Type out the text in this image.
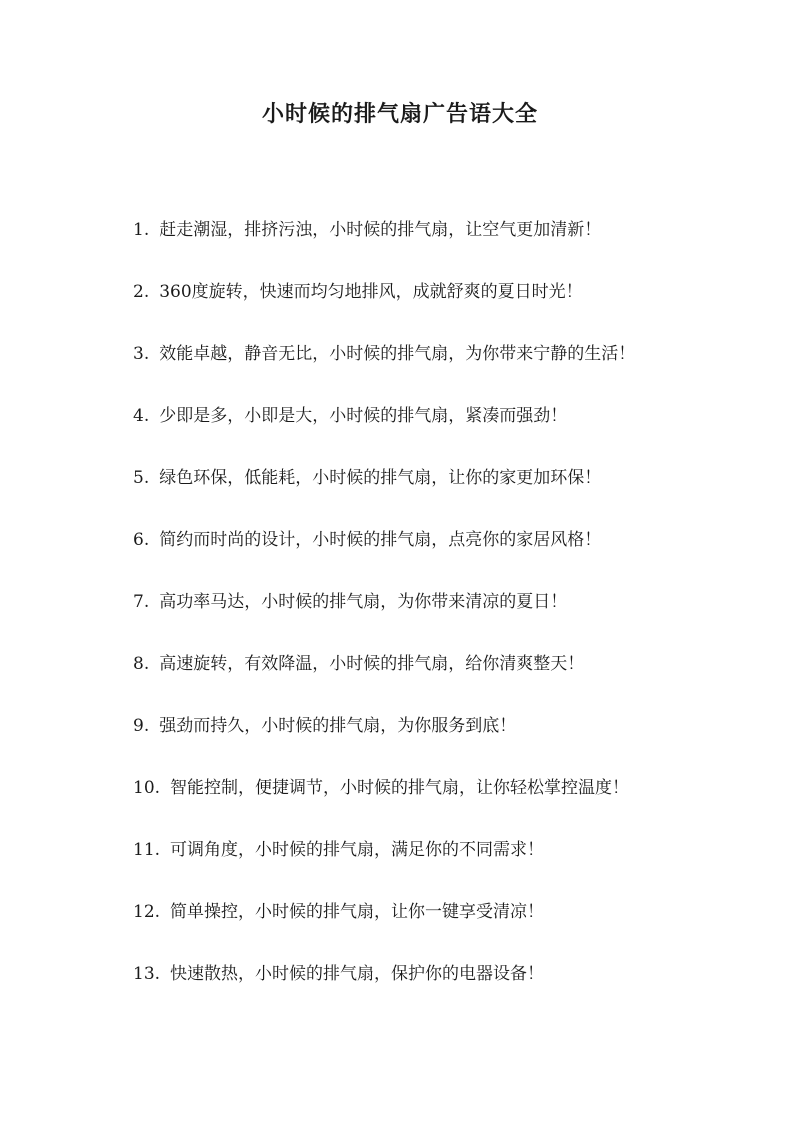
小时候的排气扇广告语大全
1. 赶走潮湿，排挤污浊，小时候的排气扇，让空气更加清新！
2. 360度旋转，快速而均匀地排风，成就舒爽的夏日时光！
3. 效能卓越，静音无比，小时候的排气扇，为你带来宁静的生活！
4. 少即是多，小即是大，小时候的排气扇，紧凑而强劲！
5. 绿色环保，低能耗，小时候的排气扇，让你的家更加环保！
6. 简约而时尚的设计，小时候的排气扇，点亮你的家居风格！
7. 高功率马达，小时候的排气扇，为你带来清凉的夏日！
8. 高速旋转，有效降温，小时候的排气扇，给你清爽整天！
9. 强劲而持久，小时候的排气扇，为你服务到底！
10. 智能控制，便捷调节，小时候的排气扇，让你轻松掌控温度！
11. 可调角度，小时候的排气扇，满足你的不同需求！
12. 简单操控，小时候的排气扇，让你一键享受清凉！
13. 快速散热，小时候的排气扇，保护你的电器设备！
